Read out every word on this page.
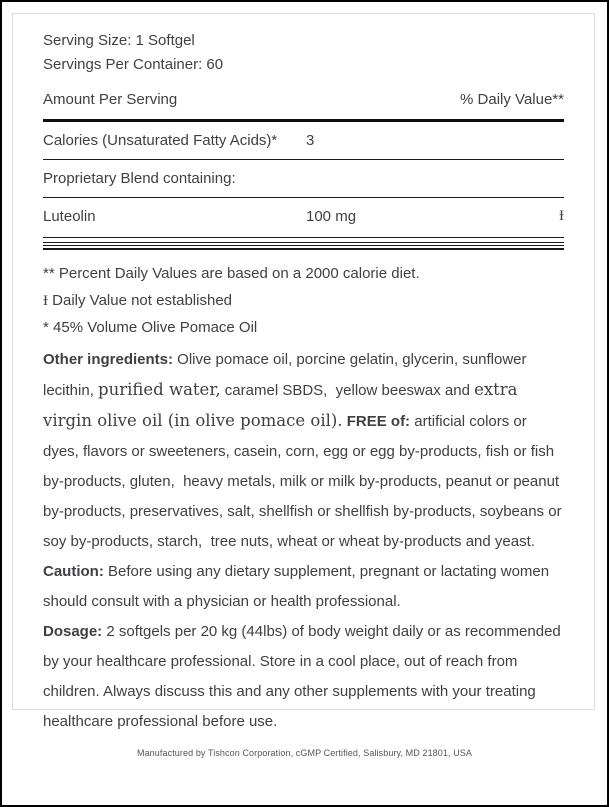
Serving Size: 1 Softgel

Servings Per Container: 60

Amount Per Serving	% Daily Value**
Calories (Unsaturated Fatty Acids)* 3
Proprietary Blend containing:
Luteolin	100 mg	Ɨ

** Percent Daily Values are based on a 2000 calorie diet.

Ɨ Daily Value not established

* 45% Volume Olive Pomace Oil

Other ingredients: Olive pomace oil, porcine gelatin, glycerin, sunflower lecithin, purified water, caramel SBDS,  yellow beeswax and extra virgin olive oil (in olive pomace oil). FREE of: artificial colors or dyes, flavors or sweeteners, casein, corn, egg or egg by-products, fish or fish by-products, gluten,  heavy metals, milk or milk by-products, peanut or peanut by-products, preservatives, salt, shellfish or shellfish by-products, soybeans or soy by-products, starch,  tree nuts, wheat or wheat by-products and yeast.

Caution: Before using any dietary supplement, pregnant or lactating women should consult with a physician or health professional.

Dosage: 2 softgels per 20 kg (44lbs) of body weight daily or as recommended by your healthcare professional. Store in a cool place, out of reach from children. Always discuss this and any other supplements with your treating healthcare professional before use.

Manufactured by Tishcon Corporation, cGMP Certified, Salisbury, MD 21801, USA
